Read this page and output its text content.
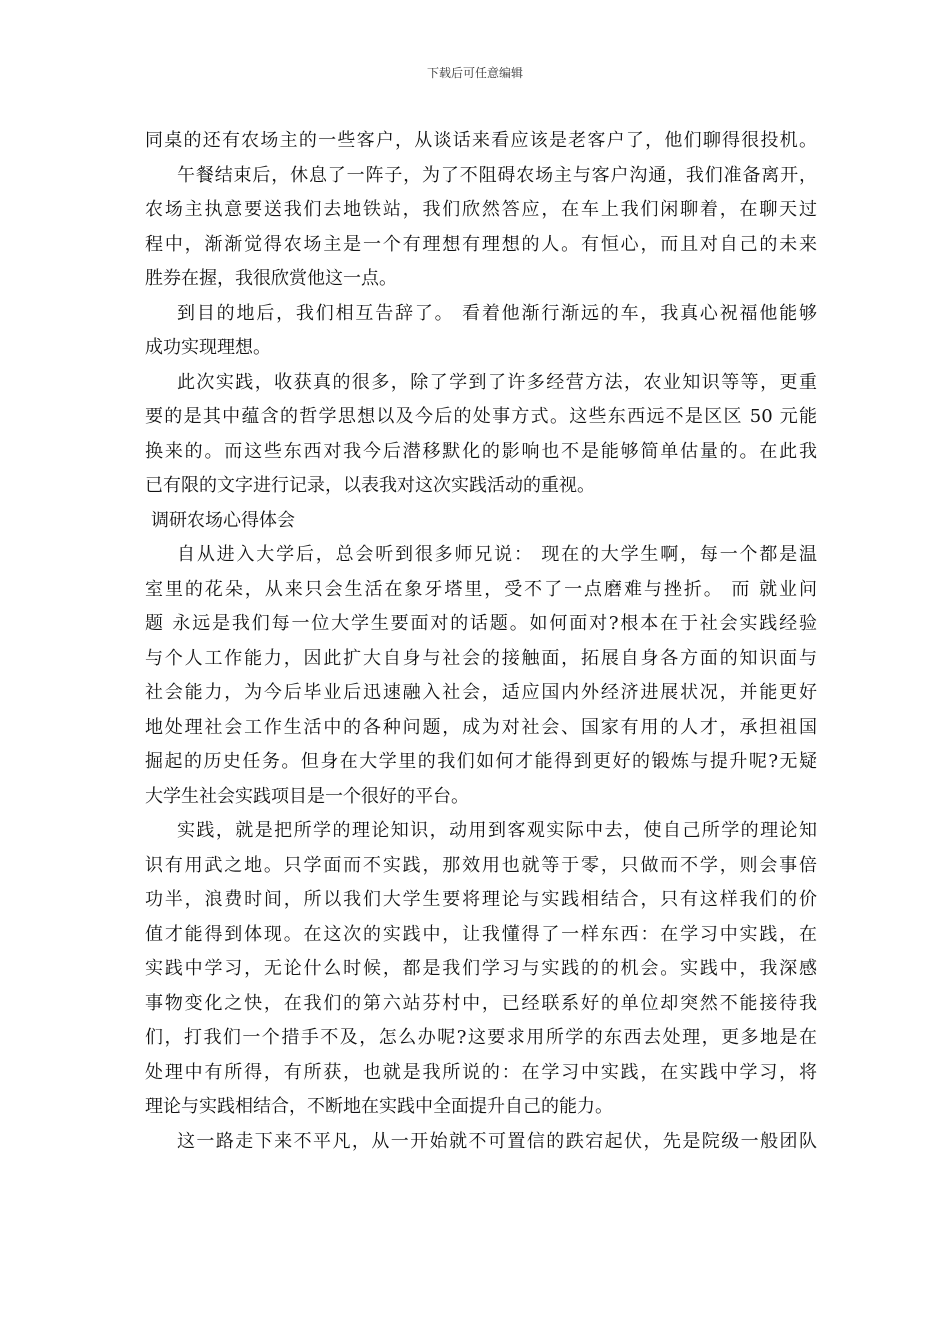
下载后可任意编辑
同桌的还有农场主的一些客户，从谈话来看应该是老客户了，他们聊得很投机。
午餐结束后，休息了一阵子，为了不阻碍农场主与客户沟通，我们准备离开，
农场主执意要送我们去地铁站，我们欣然答应，在车上我们闲聊着，在聊天过
程中，渐渐觉得农场主是一个有理想有理想的人。有恒心，而且对自己的未来
胜券在握，我很欣赏他这一点。
到目的地后，我们相互告辞了。 看着他渐行渐远的车，我真心祝福他能够
成功实现理想。
此次实践，收获真的很多，除了学到了许多经营方法，农业知识等等，更重
要的是其中蕴含的哲学思想以及今后的处事方式。这些东西远不是区区 50 元能
换来的。而这些东西对我今后潜移默化的影响也不是能够简单估量的。在此我
已有限的文字进行记录，以表我对这次实践活动的重视。
调研农场心得体会
自从进入大学后，总会听到很多师兄说： 现在的大学生啊，每一个都是温
室里的花朵，从来只会生活在象牙塔里，受不了一点磨难与挫折。 而 就业问
题 永远是我们每一位大学生要面对的话题。如何面对?根本在于社会实践经验
与个人工作能力，因此扩大自身与社会的接触面，拓展自身各方面的知识面与
社会能力，为今后毕业后迅速融入社会，适应国内外经济进展状况，并能更好
地处理社会工作生活中的各种问题，成为对社会、国家有用的人才，承担祖国
掘起的历史任务。但身在大学里的我们如何才能得到更好的锻炼与提升呢?无疑
大学生社会实践项目是一个很好的平台。
实践，就是把所学的理论知识，动用到客观实际中去，使自己所学的理论知
识有用武之地。只学面而不实践，那效用也就等于零，只做而不学，则会事倍
功半，浪费时间，所以我们大学生要将理论与实践相结合，只有这样我们的价
值才能得到体现。在这次的实践中，让我懂得了一样东西：在学习中实践，在
实践中学习，无论什么时候，都是我们学习与实践的的机会。实践中，我深感
事物变化之快，在我们的第六站芬村中，已经联系好的单位却突然不能接待我
们，打我们一个措手不及，怎么办呢?这要求用所学的东西去处理，更多地是在
处理中有所得，有所获，也就是我所说的：在学习中实践，在实践中学习，将
理论与实践相结合，不断地在实践中全面提升自己的能力。
这一路走下来不平凡，从一开始就不可置信的跌宕起伏，先是院级一般团队
